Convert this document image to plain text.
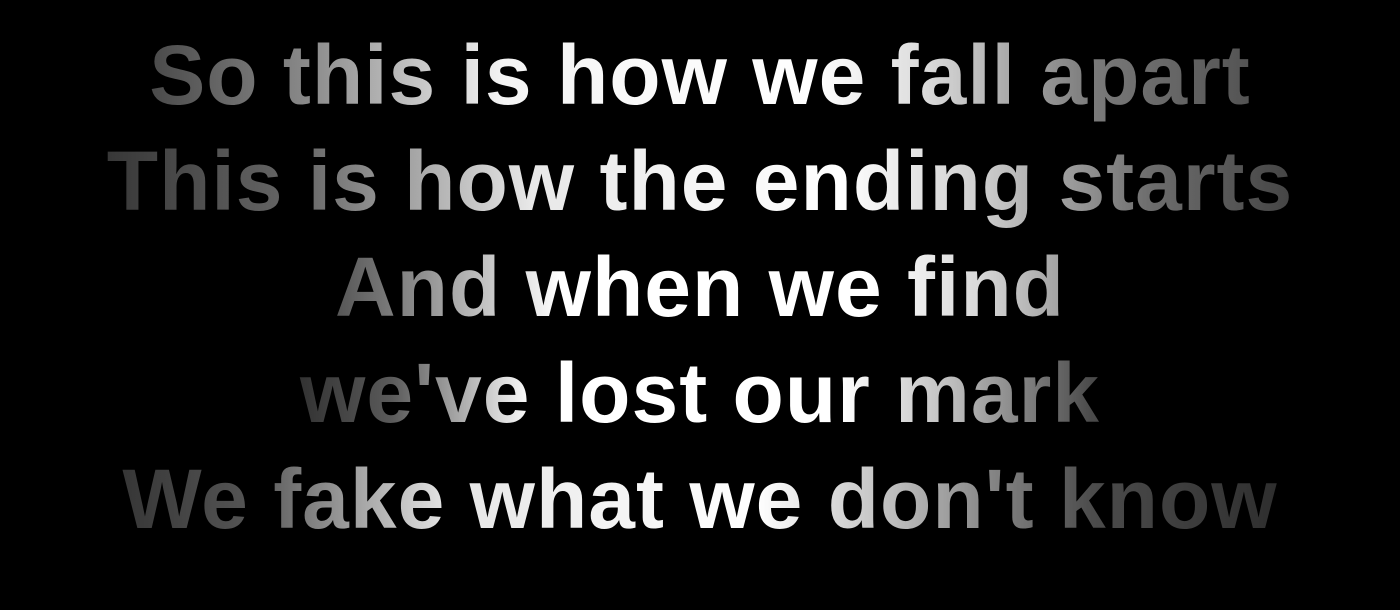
So this is how we fall apart
This is how the ending starts
And when we find
we've lost our mark
We fake what we don't know
